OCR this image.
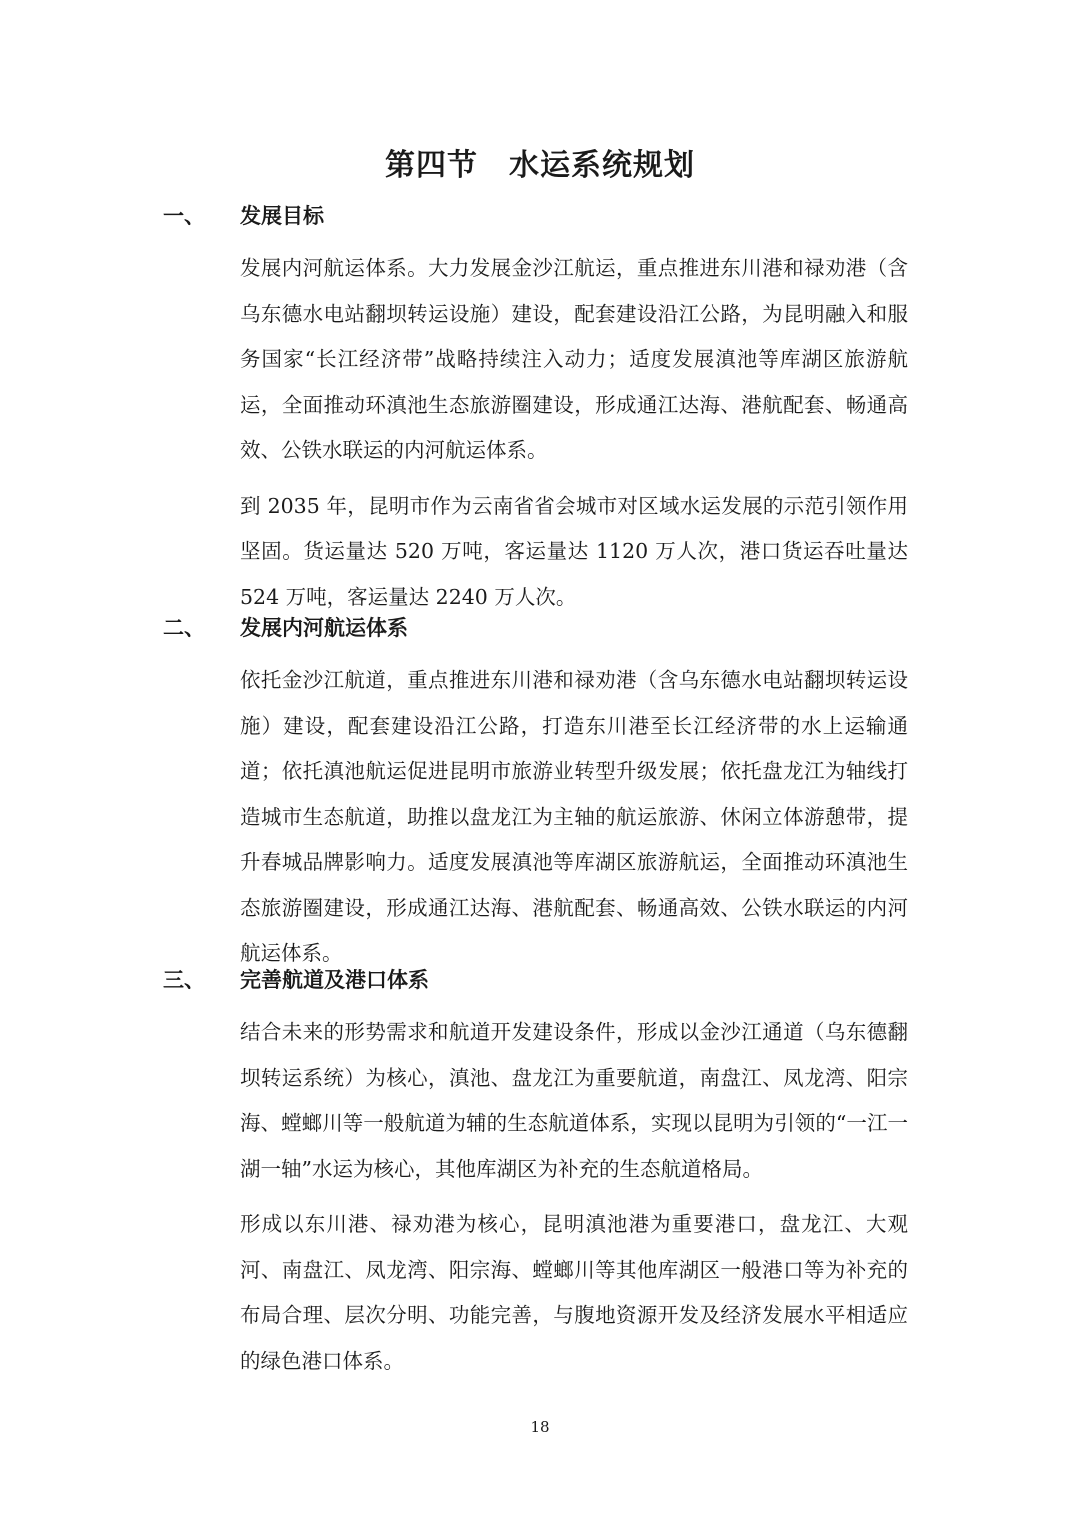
第四节　水运系统规划
一、 发展目标

发展内河航运体系。大力发展金沙江航运，重点推进东川港和禄劝港（含乌东德水电站翻坝转运设施）建设，配套建设沿江公路，为昆明融入和服务国家“长江经济带”战略持续注入动力；适度发展滇池等库湖区旅游航运，全面推动环滇池生态旅游圈建设，形成通江达海、港航配套、畅通高效、公铁水联运的内河航运体系。

到 2035 年，昆明市作为云南省省会城市对区域水运发展的示范引领作用坚固。货运量达 520 万吨，客运量达 1120 万人次，港口货运吞吐量达 524 万吨，客运量达 2240 万人次。

二、 发展内河航运体系

依托金沙江航道，重点推进东川港和禄劝港（含乌东德水电站翻坝转运设施）建设，配套建设沿江公路，打造东川港至长江经济带的水上运输通道；依托滇池航运促进昆明市旅游业转型升级发展；依托盘龙江为轴线打造城市生态航道，助推以盘龙江为主轴的航运旅游、休闲立体游憩带，提升春城品牌影响力。适度发展滇池等库湖区旅游航运，全面推动环滇池生态旅游圈建设，形成通江达海、港航配套、畅通高效、公铁水联运的内河航运体系。

三、 完善航道及港口体系

结合未来的形势需求和航道开发建设条件，形成以金沙江通道（乌东德翻坝转运系统）为核心，滇池、盘龙江为重要航道，南盘江、凤龙湾、阳宗海、螳螂川等一般航道为辅的生态航道体系，实现以昆明为引领的“一江一湖一轴”水运为核心，其他库湖区为补充的生态航道格局。

形成以东川港、禄劝港为核心，昆明滇池港为重要港口，盘龙江、大观河、南盘江、凤龙湾、阳宗海、螳螂川等其他库湖区一般港口等为补充的布局合理、层次分明、功能完善，与腹地资源开发及经济发展水平相适应的绿色港口体系。

18
